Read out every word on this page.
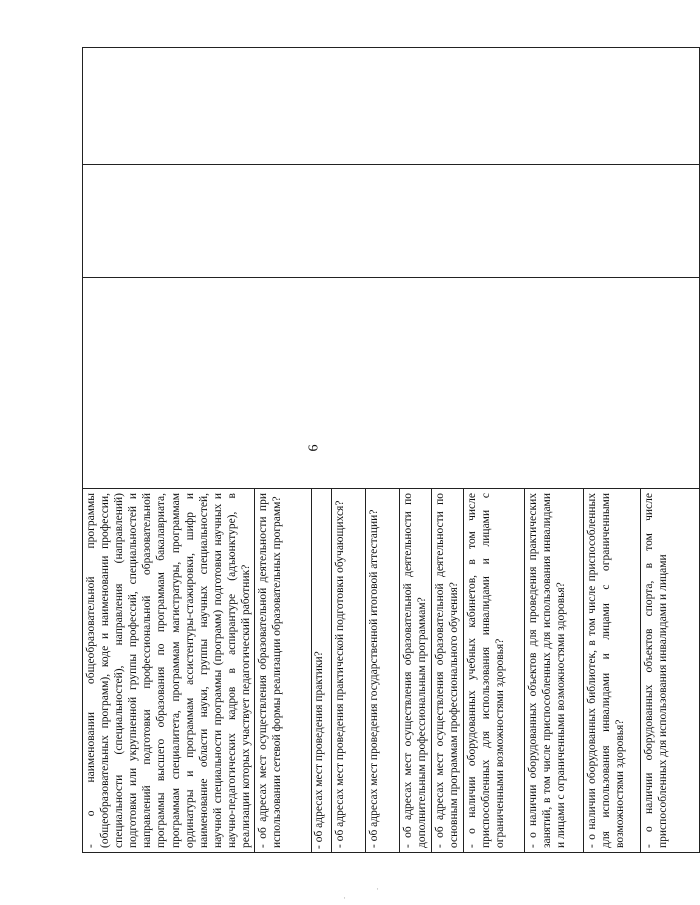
6
- о наименовании общеобразовательной программы (общеобразовательных программ), коде и наименовании профессии, специальности (специальностей), направления (направлений) подготовки или укрупненной группы профессий, специальностей и направлений подготовки профессиональной образовательной программы высшего образования по программам бакалавриата, программам специалитета, программам магистратуры, программам ординатуры и программам ассистентуры-стажировки, шифр и наименование области науки, группы научных специальностей, научной специальности программы (программ) подготовки научных и научно-педагогических кадров в аспирантуре (адъюнктуре), в реализации которых участвует педагогический работник?			
- об адресах мест осуществления образовательной деятельности при использовании сетевой формы реализации образовательных программ?
- об адресах мест проведения практики?
- об адресах мест проведения практической подготовки обучающихся?
- об адресах мест проведения государственной итоговой аттестации?
- об адресах мест осуществления образовательной деятельности по дополнительным профессиональным программам?
- об адресах мест осуществления образовательной деятельности по основным программам профессионального обучения?
- о наличии оборудованных учебных кабинетов, в том числе приспособленных для использования инвалидами и лицами с ограниченными возможностями здоровья?
- о наличии оборудованных объектов для проведения практических занятий, в том числе приспособленных для использования инвалидами и лицами с ограниченными возможностями здоровья?
- о наличии оборудованных библиотек, в том числе приспособленных для использования инвалидами и лицами с ограниченными возможностями здоровья?
- о наличии оборудованных объектов спорта, в том числе приспособленных для использования инвалидами и лицами
·
·
